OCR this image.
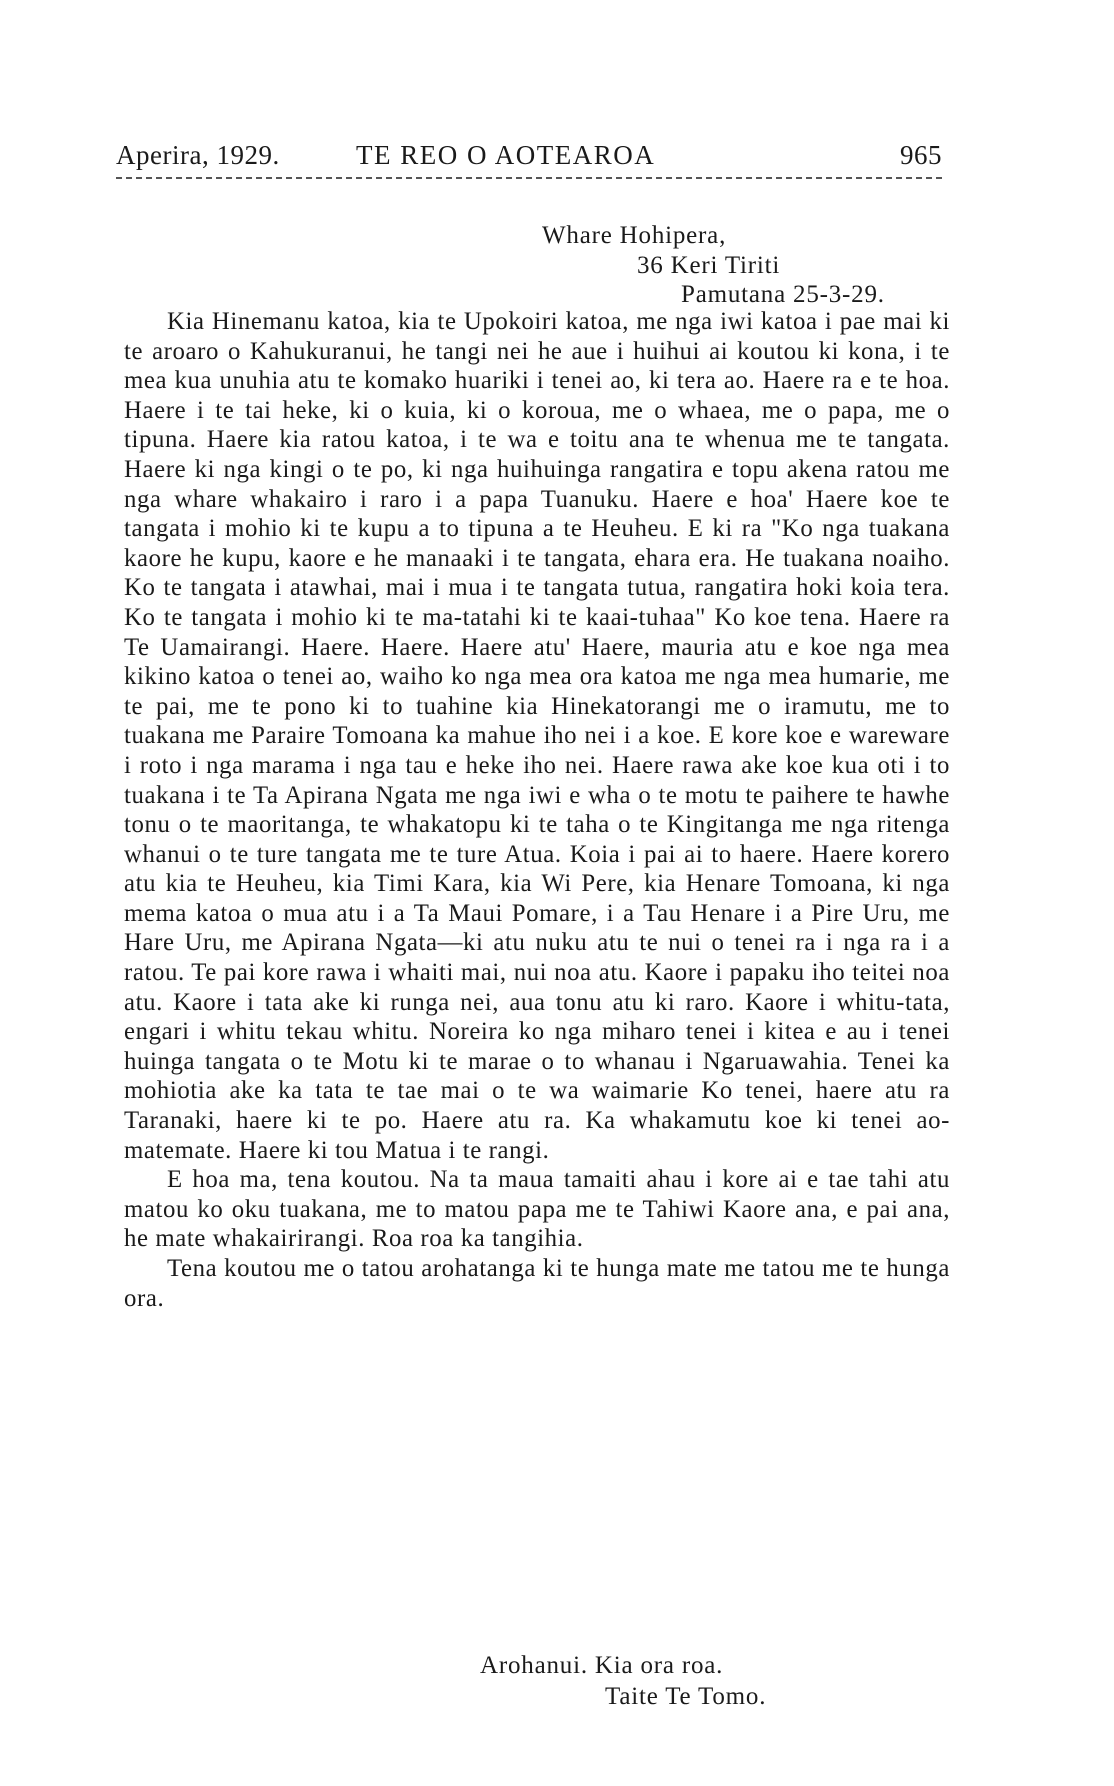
Aperira, 1929.	TE REO O AOTEAROA	965
Whare Hohipera,
36 Keri Tiriti
Pamutana 25-3-29.

Kia Hinemanu katoa, kia te Upokoiri katoa, me nga iwi katoa i pae mai ki te aroaro o Kahukuranui, he tangi nei he aue i huihui ai koutou ki kona, i te mea kua unuhia atu te komako huariki i tenei ao, ki tera ao. Haere ra e te hoa. Haere i te tai heke, ki o kuia, ki o koroua, me o whaea, me o papa, me o tipuna. Haere kia ratou katoa, i te wa e toitu ana te whenua me te tangata. Haere ki nga kingi o te po, ki nga huihuinga rangatira e topu akena ratou me nga whare whakairo i raro i a papa Tuanuku. Haere e hoa' Haere koe te tangata i mohio ki te kupu a to tipuna a te Heuheu. E ki ra "Ko nga tuakana kaore he kupu, kaore e he manaaki i te tangata, ehara era. He tuakana noaiho. Ko te tangata i atawhai, mai i mua i te tangata tutua, rangatira hoki koia tera. Ko te tangata i mohio ki te ma-tatahi ki te kaai-tuhaa" Ko koe tena. Haere ra Te Uamairangi. Haere. Haere. Haere atu' Haere, mauria atu e koe nga mea kikino katoa o tenei ao, waiho ko nga mea ora katoa me nga mea humarie, me te pai, me te pono ki to tuahine kia Hinekatorangi me o iramutu, me to tuakana me Paraire Tomoana ka mahue iho nei i a koe. E kore koe e wareware i roto i nga marama i nga tau e heke iho nei. Haere rawa ake koe kua oti i to tuakana i te Ta Apirana Ngata me nga iwi e wha o te motu te paihere te hawhe tonu o te maoritanga, te whakatopu ki te taha o te Kingitanga me nga ritenga whanui o te ture tangata me te ture Atua. Koia i pai ai to haere. Haere korero atu kia te Heuheu, kia Timi Kara, kia Wi Pere, kia Henare Tomoana, ki nga mema katoa o mua atu i a Ta Maui Pomare, i a Tau Henare i a Pire Uru, me Hare Uru, me Apirana Ngata—ki atu nuku atu te nui o tenei ra i nga ra i a ratou. Te pai kore rawa i whaiti mai, nui noa atu. Kaore i papaku iho teitei noa atu. Kaore i tata ake ki runga nei, aua tonu atu ki raro. Kaore i whitu-tata, engari i whitu tekau whitu. Noreira ko nga miharo tenei i kitea e au i tenei huinga tangata o te Motu ki te marae o to whanau i Ngaruawahia. Tenei ka mohiotia ake ka tata te tae mai o te wa waimarie Ko tenei, haere atu ra Taranaki, haere ki te po. Haere atu ra. Ka whakamutu koe ki tenei ao-matemate. Haere ki tou Matua i te rangi.

E hoa ma, tena koutou. Na ta maua tamaiti ahau i kore ai e tae tahi atu matou ko oku tuakana, me to matou papa me te Tahiwi Kaore ana, e pai ana, he mate whakairirangi. Roa roa ka tangihia.

Tena koutou me o tatou arohatanga ki te hunga mate me tatou me te hunga ora.

Arohanui. Kia ora roa.
Taite Te Tomo.
